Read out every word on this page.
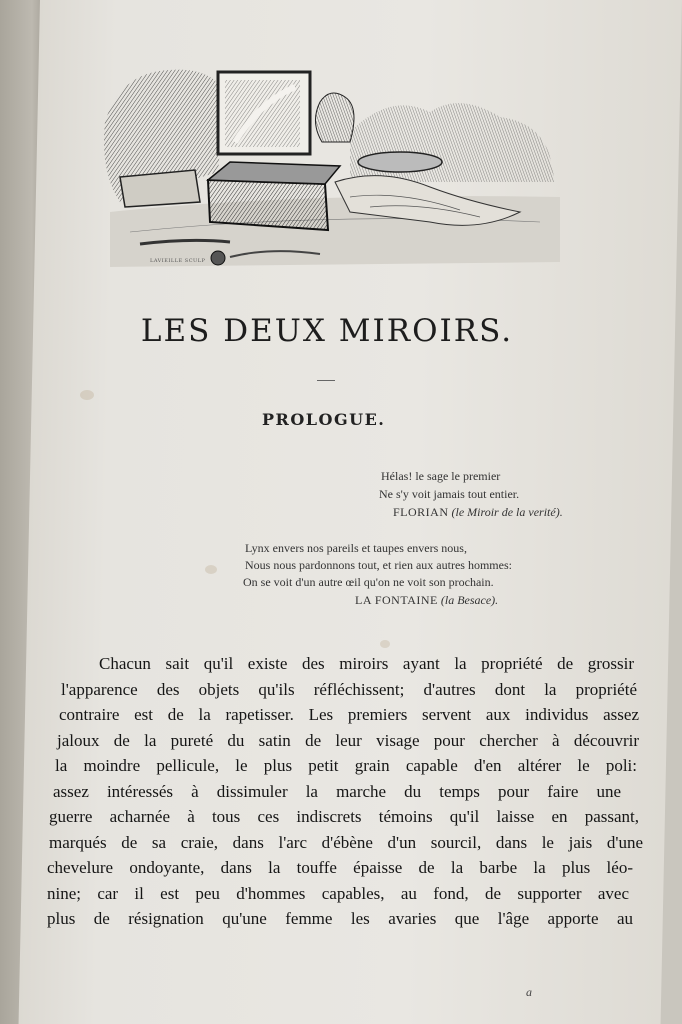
LAVIEILLE SCULP
LES DEUX MIROIRS.
PROLOGUE.
Hélas! le sage le premier
Ne s'y voit jamais tout entier.
FLORIAN (le Miroir de la verité).
Lynx envers nos pareils et taupes envers nous,
Nous nous pardonnons tout, et rien aux autres hommes:
On se voit d'un autre œil qu'on ne voit son prochain.
LA FONTAINE (la Besace).
Chacun sait qu'il existe des miroirs ayant la propriété de grossir
l'apparence des objets qu'ils réfléchissent; d'autres dont la propriété
contraire est de la rapetisser. Les premiers servent aux individus assez
jaloux de la pureté du satin de leur visage pour chercher à découvrir
la moindre pellicule, le plus petit grain capable d'en altérer le poli:
assez intéressés à dissimuler la marche du temps pour faire une
guerre acharnée à tous ces indiscrets témoins qu'il laisse en passant,
marqués de sa craie, dans l'arc d'ébène d'un sourcil, dans le jais d'une
chevelure ondoyante, dans la touffe épaisse de la barbe la plus léo-
nine; car il est peu d'hommes capables, au fond, de supporter avec
plus de résignation qu'une femme les avaries que l'âge apporte au
a
